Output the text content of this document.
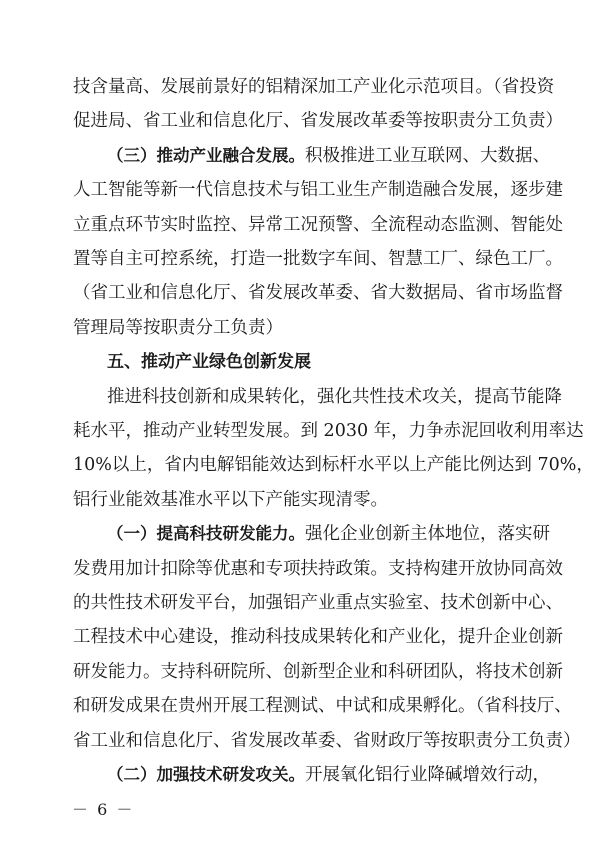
技含量高、发展前景好的铝精深加工产业化示范项目。（省投资
促进局、省工业和信息化厅、省发展改革委等按职责分工负责）
（三）推动产业融合发展。积极推进工业互联网、大数据、
人工智能等新一代信息技术与铝工业生产制造融合发展，逐步建
立重点环节实时监控、异常工况预警、全流程动态监测、智能处
置等自主可控系统，打造一批数字车间、智慧工厂、绿色工厂。
（省工业和信息化厅、省发展改革委、省大数据局、省市场监督
管理局等按职责分工负责）
五、推动产业绿色创新发展
推进科技创新和成果转化，强化共性技术攻关，提高节能降
耗水平，推动产业转型发展。到 2030 年，力争赤泥回收利用率达
10%以上，省内电解铝能效达到标杆水平以上产能比例达到 70%，
铝行业能效基准水平以下产能实现清零。
（一）提高科技研发能力。强化企业创新主体地位，落实研
发费用加计扣除等优惠和专项扶持政策。支持构建开放协同高效
的共性技术研发平台，加强铝产业重点实验室、技术创新中心、
工程技术中心建设，推动科技成果转化和产业化，提升企业创新
研发能力。支持科研院所、创新型企业和科研团队，将技术创新
和研发成果在贵州开展工程测试、中试和成果孵化。（省科技厅、
省工业和信息化厅、省发展改革委、省财政厅等按职责分工负责）
（二）加强技术研发攻关。开展氧化铝行业降碱增效行动，
－ 6 －
